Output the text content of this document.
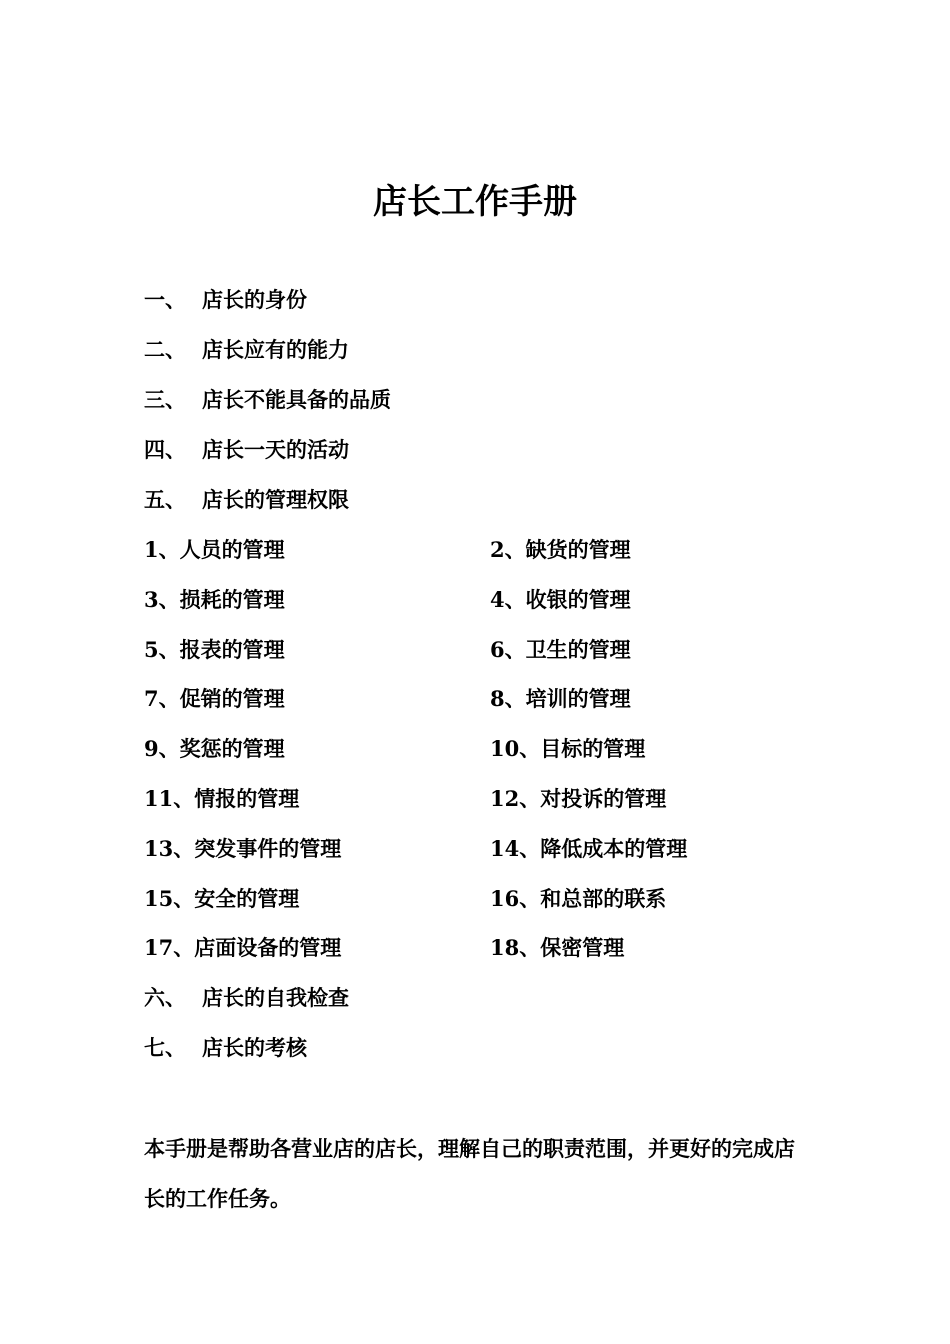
店长工作手册
一、 店长的身份
二、 店长应有的能力
三、 店长不能具备的品质
四、 店长一天的活动
五、 店长的管理权限
1、人员的管理	2、缺货的管理
3、损耗的管理	4、收银的管理
5、报表的管理	6、卫生的管理
7、促销的管理	8、培训的管理
9、奖惩的管理	10、目标的管理
11、情报的管理	12、对投诉的管理
13、突发事件的管理	14、降低成本的管理
15、安全的管理	16、和总部的联系
17、店面设备的管理	18、保密管理
六、 店长的自我检查
七、 店长的考核
本手册是帮助各营业店的店长，理解自己的职责范围，并更好的完成店长的工作任务。
